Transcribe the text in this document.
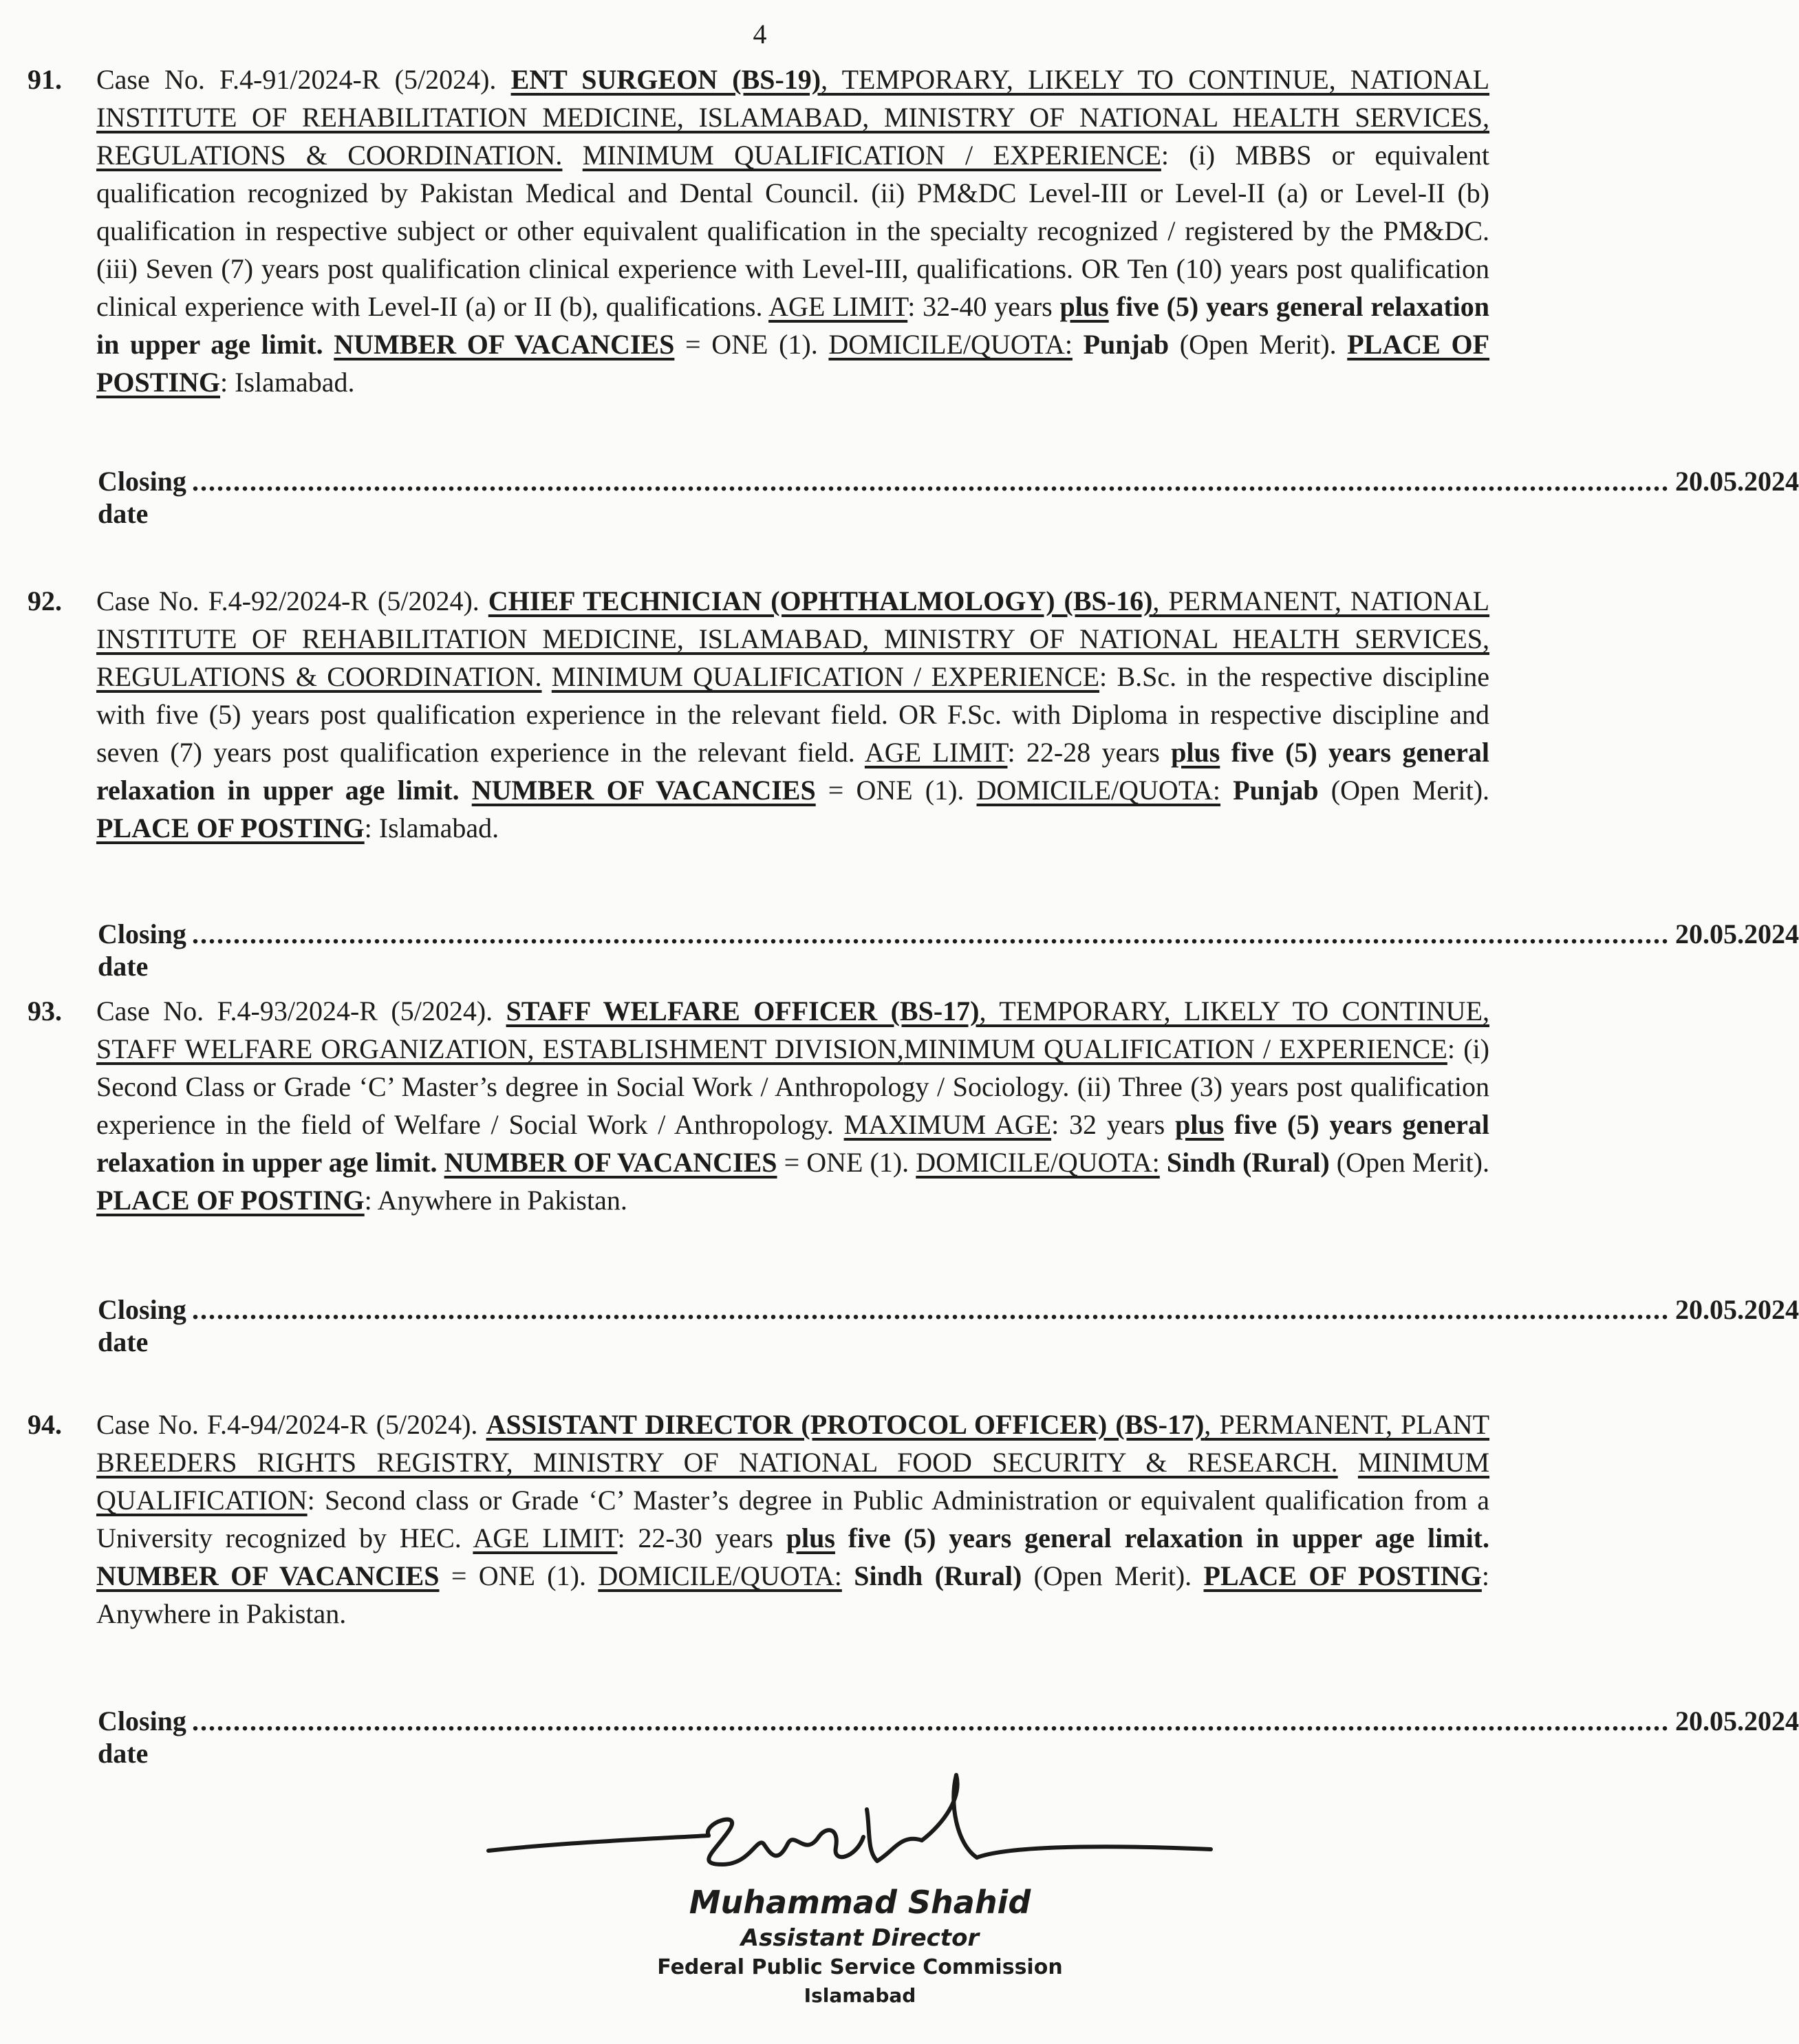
4
91. Case No. F.4-91/2024-R (5/2024). ENT SURGEON (BS-19), TEMPORARY, LIKELY TO CONTINUE, NATIONAL INSTITUTE OF REHABILITATION MEDICINE, ISLAMABAD, MINISTRY OF NATIONAL HEALTH SERVICES, REGULATIONS & COORDINATION. MINIMUM QUALIFICATION / EXPERIENCE: (i) MBBS or equivalent qualification recognized by Pakistan Medical and Dental Council. (ii) PM&DC Level-III or Level-II (a) or Level-II (b) qualification in respective subject or other equivalent qualification in the specialty recognized / registered by the PM&DC. (iii) Seven (7) years post qualification clinical experience with Level-III, qualifications. OR Ten (10) years post qualification clinical experience with Level-II (a) or II (b), qualifications. AGE LIMIT: 32-40 years plus five (5) years general relaxation in upper age limit. NUMBER OF VACANCIES = ONE (1). DOMICILE/QUOTA: Punjab (Open Merit). PLACE OF POSTING: Islamabad.
Closing date
................................................................................................................................................................................... 20.05.2024
92. Case No. F.4-92/2024-R (5/2024). CHIEF TECHNICIAN (OPHTHALMOLOGY) (BS-16), PERMANENT, NATIONAL INSTITUTE OF REHABILITATION MEDICINE, ISLAMABAD, MINISTRY OF NATIONAL HEALTH SERVICES, REGULATIONS & COORDINATION. MINIMUM QUALIFICATION / EXPERIENCE: B.Sc. in the respective discipline with five (5) years post qualification experience in the relevant field. OR F.Sc. with Diploma in respective discipline and seven (7) years post qualification experience in the relevant field. AGE LIMIT: 22-28 years plus five (5) years general relaxation in upper age limit. NUMBER OF VACANCIES = ONE (1). DOMICILE/QUOTA: Punjab (Open Merit). PLACE OF POSTING: Islamabad.
Closing date
................................................................................................................................................................................... 20.05.2024
93. Case No. F.4-93/2024-R (5/2024). STAFF WELFARE OFFICER (BS-17), TEMPORARY, LIKELY TO CONTINUE, STAFF WELFARE ORGANIZATION, ESTABLISHMENT DIVISION,MINIMUM QUALIFICATION / EXPERIENCE: (i) Second Class or Grade ‘C’ Master’s degree in Social Work / Anthropology / Sociology. (ii) Three (3) years post qualification experience in the field of Welfare / Social Work / Anthropology. MAXIMUM AGE: 32 years plus five (5) years general relaxation in upper age limit. NUMBER OF VACANCIES = ONE (1). DOMICILE/QUOTA: Sindh (Rural) (Open Merit). PLACE OF POSTING: Anywhere in Pakistan.
Closing date
................................................................................................................................................................................... 20.05.2024
94. Case No. F.4-94/2024-R (5/2024). ASSISTANT DIRECTOR (PROTOCOL OFFICER) (BS-17), PERMANENT, PLANT BREEDERS RIGHTS REGISTRY, MINISTRY OF NATIONAL FOOD SECURITY & RESEARCH. MINIMUM QUALIFICATION: Second class or Grade ‘C’ Master’s degree in Public Administration or equivalent qualification from a University recognized by HEC. AGE LIMIT: 22-30 years plus five (5) years general relaxation in upper age limit. NUMBER OF VACANCIES = ONE (1). DOMICILE/QUOTA: Sindh (Rural) (Open Merit). PLACE OF POSTING: Anywhere in Pakistan.
Closing date
................................................................................................................................................................................... 20.05.2024
Muhammad Shahid
Assistant Director
Federal Public Service Commission
Islamabad
